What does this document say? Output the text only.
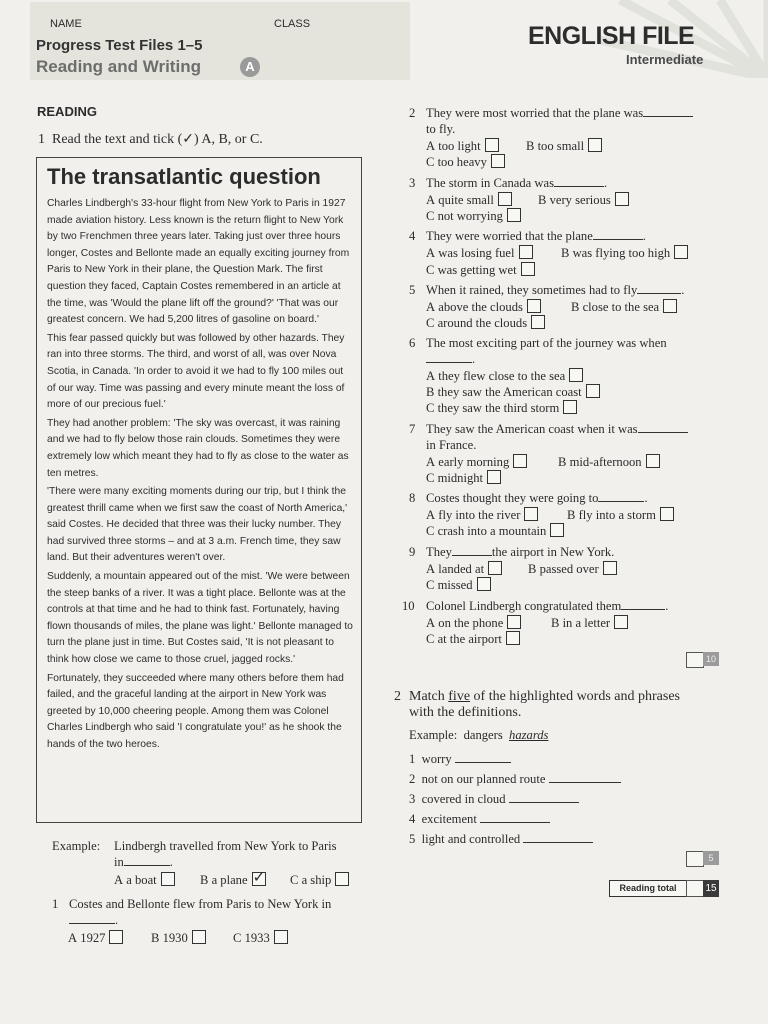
NAME	CLASS
Progress Test Files 1–5
Reading and Writing	A
ENGLISH FILE
Intermediate
READING
1 Read the text and tick (✓) A, B, or C.
The transatlantic question

Charles Lindbergh's 33-hour flight from New York to Paris in 1927 made aviation history. Less known is the return flight to New York by two Frenchmen three years later. Taking just over three hours longer, Costes and Bellonte made an equally exciting journey from Paris to New York in their plane, the Question Mark. The first question they faced, Captain Costes remembered in an article at the time, was 'Would the plane lift off the ground?' 'That was our greatest concern. We had 5,200 litres of gasoline on board.'

This fear passed quickly but was followed by other hazards. They ran into three storms. The third, and worst of all, was over Nova Scotia, in Canada. 'In order to avoid it we had to fly 100 miles out of our way. Time was passing and every minute meant the loss of more of our precious fuel.'

They had another problem: 'The sky was overcast, it was raining and we had to fly below those rain clouds. Sometimes they were extremely low which meant they had to fly as close to the water as ten metres.

'There were many exciting moments during our trip, but I think the greatest thrill came when we first saw the coast of North America,' said Costes. He decided that three was their lucky number. They had survived three storms – and at 3 a.m. French time, they saw land. But their adventures weren't over.

Suddenly, a mountain appeared out of the mist. 'We were between the steep banks of a river. It was a tight place. Bellonte was at the controls at that time and he had to think fast. Fortunately, having flown thousands of miles, the plane was light.' Bellonte managed to turn the plane just in time. But Costes said, 'It is not pleasant to think how close we came to those cruel, jagged rocks.'

Fortunately, they succeeded where many others before them had failed, and the graceful landing at the airport in New York was greeted by 10,000 cheering people. Among them was Colonel Charles Lindbergh who said 'I congratulate you!' as he shook the hands of the two heroes.

Example: Lindbergh travelled from New York to Paris
in	.
A a boat	B a plane✓	C a ship
1 Costes and Bellonte flew from Paris to New York in
.
A 1927	B 1930	C 1933
2 They were most worried that the plane was
to fly.
A too light	B too small
C too heavy
3 The storm in Canada was	.
A quite small	B very serious
C not worrying
4 They were worried that the plane	.
A was losing fuel	B was flying too high
C was getting wet
5 When it rained, they sometimes had to fly	.
A above the clouds	B close to the sea
C around the clouds
6 The most exciting part of the journey was when
.
A they flew close to the sea
B they saw the American coast
C they saw the third storm
7 They saw the American coast when it was
in France.
A early morning	B mid-afternoon
C midnight
8 Costes thought they were going to	.
A fly into the river	B fly into a storm
C crash into a mountain
9 They	the airport in New York.
A landed at	B passed over
C missed
10 Colonel Lindbergh congratulated them	.
A on the phone	B in a letter
C at the airport
10
2 Match five of the highlighted words and phrases
with the definitions.
Example: dangers hazards
1 worry
2 not on our planned route
3 covered in cloud
4 excitement
5 light and controlled
5
Reading total	15
